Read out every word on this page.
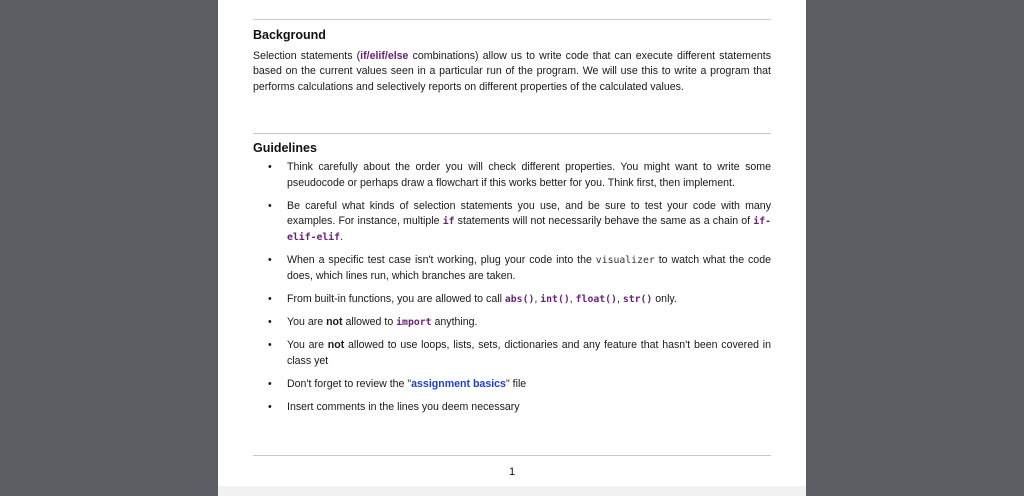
Background
Selection statements (if/elif/else combinations) allow us to write code that can execute different statements based on the current values seen in a particular run of the program. We will use this to write a program that performs calculations and selectively reports on different properties of the calculated values.
Guidelines
• Think carefully about the order you will check different properties. You might want to write some pseudocode or perhaps draw a flowchart if this works better for you. Think first, then implement.
• Be careful what kinds of selection statements you use, and be sure to test your code with many examples. For instance, multiple if statements will not necessarily behave the same as a chain of if-elif-elif.
• When a specific test case isn't working, plug your code into the visualizer to watch what the code does, which lines run, which branches are taken.
• From built-in functions, you are allowed to call abs(), int(), float(), str() only.
• You are not allowed to import anything.
• You are not allowed to use loops, lists, sets, dictionaries and any feature that hasn't been covered in class yet
• Don't forget to review the "assignment basics" file
• Insert comments in the lines you deem necessary
1
